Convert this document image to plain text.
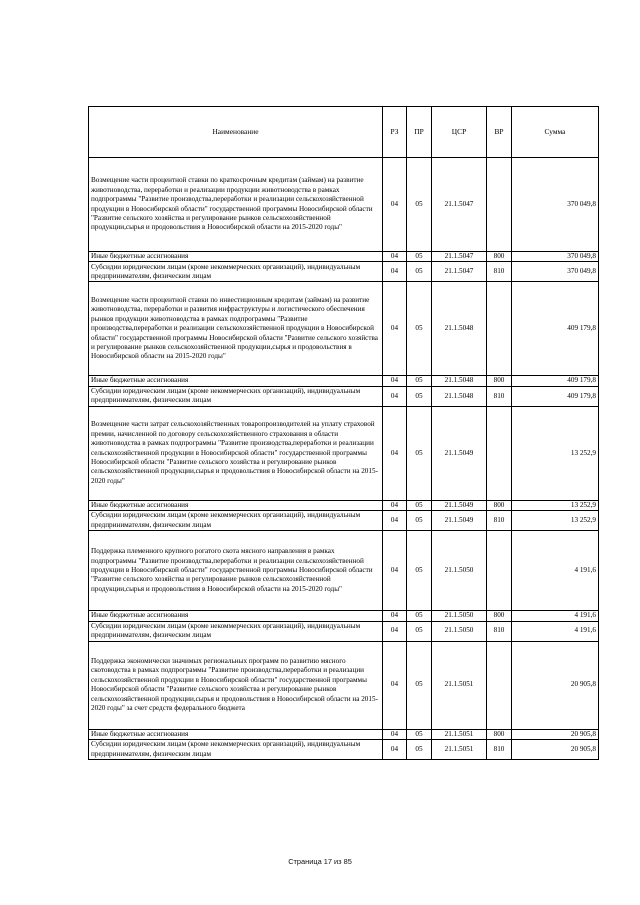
Наименование	РЗ	ПР	ЦСР	ВР	Сумма
Возмещение части процентной ставки по краткосрочным кредитам (займам) на развитие животноводства, переработки и реализации продукции животноводства в рамках подпрограммы "Развитие производства,переработки и реализации сельскохозяйственной продукции в Новосибирской области" государственной программы Новосибирской области "Развитие сельского хозяйства и регулирование рынков сельскохозяйственной продукции,сырья и продовольствия в Новосибирской области на 2015-2020 годы"	04	05	21.1.5047		370 049,8
Иные бюджетные ассигнования	04	05	21.1.5047	800	370 049,8
Субсидии юридическим лицам (кроме некоммерческих организаций), индивидуальным предпринимателям, физическим лицам	04	05	21.1.5047	810	370 049,8
Возмещение части процентной ставки по инвестиционным кредитам (займам) на развитие животноводства, переработки и развития инфраструктуры и логистического обеспечения рынков продукции животноводства в рамках подпрограммы "Развитие производства,переработки и реализации сельскохозяйственной продукции в Новосибирской области" государственной программы Новосибирской области "Развитие сельского хозяйства и регулирование рынков сельскохозяйственной продукции,сырья и продовольствия в Новосибирской области на 2015-2020 годы"	04	05	21.1.5048		409 179,8
Иные бюджетные ассигнования	04	05	21.1.5048	800	409 179,8
Субсидии юридическим лицам (кроме некоммерческих организаций), индивидуальным предпринимателям, физическим лицам	04	05	21.1.5048	810	409 179,8
Возмещение части затрат сельскохозяйственных товаропроизводителей на уплату страховой премии, начисленной по договору сельскохозяйственного страхования в области животноводства в рамках подпрограммы "Развитие производства,переработки и реализации сельскохозяйственной продукции в Новосибирской области" государственной программы Новосибирской области "Развитие сельского хозяйства и регулирование рынков сельскохозяйственной продукции,сырья и продовольствия в Новосибирской области на 2015-2020 годы"	04	05	21.1.5049		13 252,9
Иные бюджетные ассигнования	04	05	21.1.5049	800	13 252,9
Субсидии юридическим лицам (кроме некоммерческих организаций), индивидуальным предпринимателям, физическим лицам	04	05	21.1.5049	810	13 252,9
Поддержка племенного крупного рогатого скота мясного направления в рамках подпрограммы "Развитие производства,переработки и реализации сельскохозяйственной продукции в Новосибирской области" государственной программы Новосибирской области "Развитие сельского хозяйства и регулирование рынков сельскохозяйственной продукции,сырья и продовольствия в Новосибирской области на 2015-2020 годы"	04	05	21.1.5050		4 191,6
Иные бюджетные ассигнования	04	05	21.1.5050	800	4 191,6
Субсидии юридическим лицам (кроме некоммерческих организаций), индивидуальным предпринимателям, физическим лицам	04	05	21.1.5050	810	4 191,6
Поддержка экономически значимых региональных программ по развитию мясного скотоводства в рамках подпрограммы "Развитие производства,переработки и реализации сельскохозяйственной продукции в Новосибирской области" государственной программы Новосибирской области "Развитие сельского хозяйства и регулирование рынков сельскохозяйственной продукции,сырья и продовольствия в Новосибирской области на 2015-2020 годы" за счет средств федерального бюджета	04	05	21.1.5051		20 905,8
Иные бюджетные ассигнования	04	05	21.1.5051	800	20 905,8
Субсидии юридическим лицам (кроме некоммерческих организаций), индивидуальным предпринимателям, физическим лицам	04	05	21.1.5051	810	20 905,8
Страница 17 из 85
